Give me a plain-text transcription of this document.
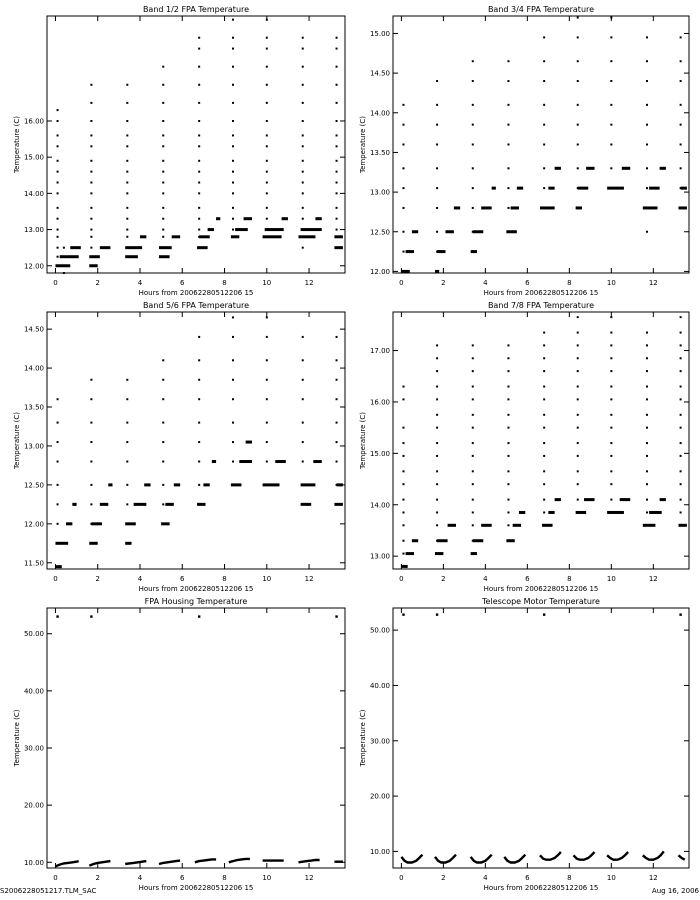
Band 1/2 FPA Temperature
0	2	4	6	8	10	12
12.00
13.00
14.00
15.00
16.00
Hours from 20062280512206 15
Temperature (C)
Band 3/4 FPA Temperature
0	2	4	6	8	10	12
12.00
12.50
13.00
13.50
14.00
14.50
15.00
Hours from 20062280512206 15
Temperature (C)
Band 5/6 FPA Temperature
0	2	4	6	8	10	12
11.50
12.00
12.50
13.00
13.50
14.00
14.50
Hours from 20062280512206 15
Temperature (C)
Band 7/8 FPA Temperature
0	2	4	6	8	10	12
13.00
14.00
15.00
16.00
17.00
Hours from 20062280512206 15
Temperature (C)
FPA Housing Temperature
0	2	4	6	8	10	12
10.00
20.00
30.00
40.00
50.00
Hours from 20062280512206 15
Temperature (C)
Telescope Motor Temperature
0	2	4	6	8	10	12
10.00
20.00
30.00
40.00
50.00
Hours from 20062280512206 15
Temperature (C)
S2006228051217.TLM_SAC	Aug 16, 2006
